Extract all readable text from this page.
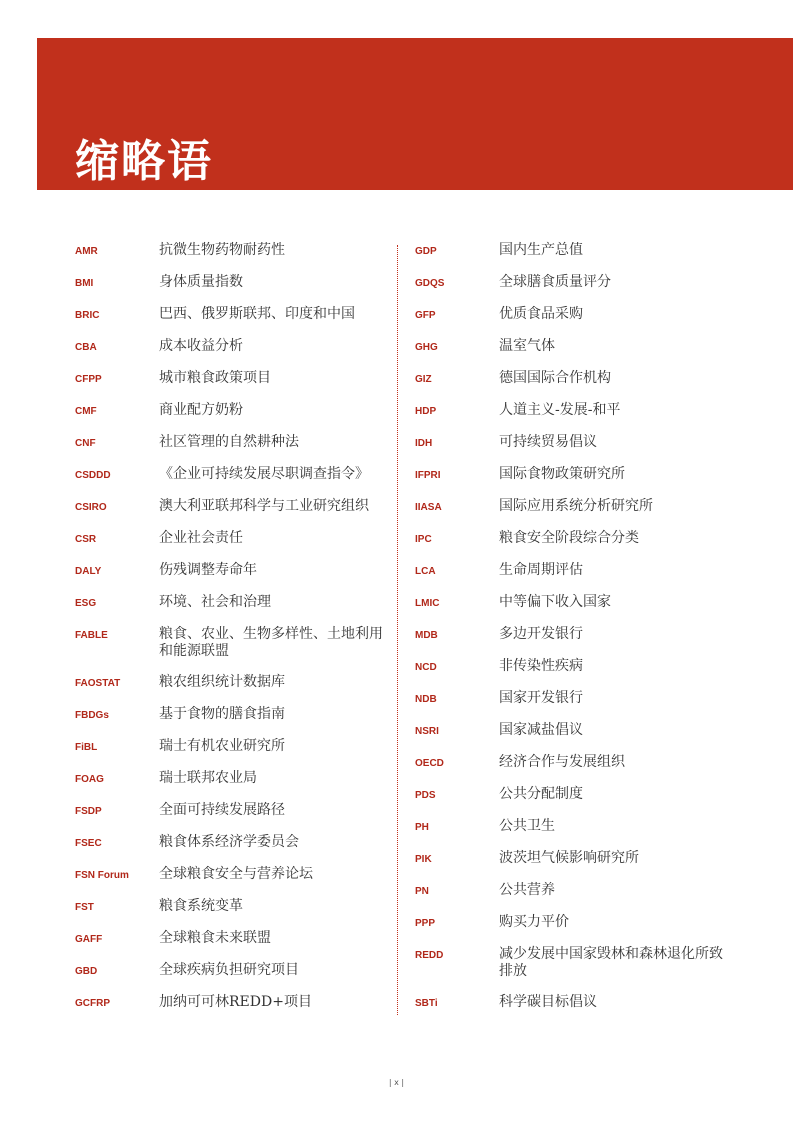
缩略语
AMR	抗微生物药物耐药性
BMI	身体质量指数
BRIC	巴西、俄罗斯联邦、印度和中国
CBA	成本收益分析
CFPP	城市粮食政策项目
CMF	商业配方奶粉
CNF	社区管理的自然耕种法
CSDDD	《企业可持续发展尽职调查指令》
CSIRO	澳大利亚联邦科学与工业研究组织
CSR	企业社会责任
DALY	伤残调整寿命年
ESG	环境、社会和治理
FABLE	粮食、农业、生物多样性、土地利用和能源联盟
FAOSTAT	粮农组织统计数据库
FBDGs	基于食物的膳食指南
FiBL	瑞士有机农业研究所
FOAG	瑞士联邦农业局
FSDP	全面可持续发展路径
FSEC	粮食体系经济学委员会
FSN Forum	全球粮食安全与营养论坛
FST	粮食系统变革
GAFF	全球粮食未来联盟
GBD	全球疾病负担研究项目
GCFRP	加纳可可林REDD+项目
GDP	国内生产总值
GDQS	全球膳食质量评分
GFP	优质食品采购
GHG	温室气体
GIZ	德国国际合作机构
HDP	人道主义-发展-和平
IDH	可持续贸易倡议
IFPRI	国际食物政策研究所
IIASA	国际应用系统分析研究所
IPC	粮食安全阶段综合分类
LCA	生命周期评估
LMIC	中等偏下收入国家
MDB	多边开发银行
NCD	非传染性疾病
NDB	国家开发银行
NSRI	国家减盐倡议
OECD	经济合作与发展组织
PDS	公共分配制度
PH	公共卫生
PIK	波茨坦气候影响研究所
PN	公共营养
PPP	购买力平价
REDD	减少发展中国家毁林和森林退化所致排放
SBTi	科学碳目标倡议
| x |
